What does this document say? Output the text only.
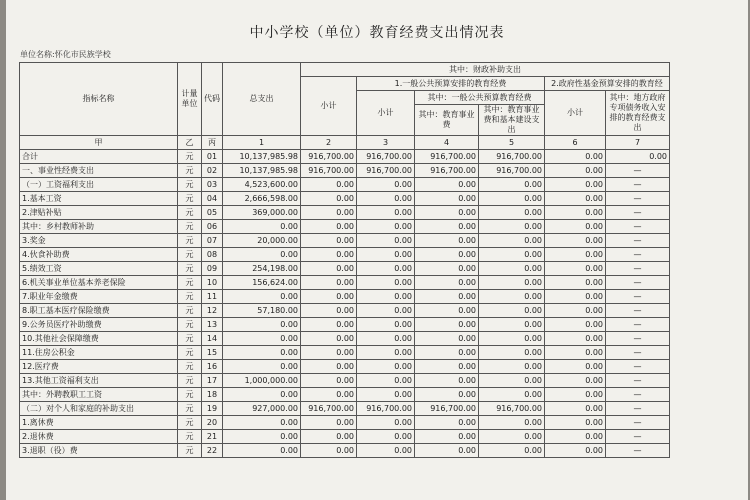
中小学校（单位）教育经费支出情况表
单位名称:怀化市民族学校
指标名称	计量单位	代码	总支出	其中：财政补助支出					
				小计	1.一般公共预算安排的教育经费			2.政府性基金预算安排的教育经	
					小计	其中：一般公共预算教育经费		小计	其中：地方政府专项债务收入安排的教育经费支出
						其中：教育事业费	其中：教育事业费和基本建设支出		
甲	乙	丙	1	2	3	4	5	6	7
合计	元	01	10,137,985.98	916,700.00	916,700.00	916,700.00	916,700.00	0.00	0.00
一、事业性经费支出	元	02	10,137,985.98	916,700.00	916,700.00	916,700.00	916,700.00	0.00	—
（一）工资福利支出	元	03	4,523,600.00	0.00	0.00	0.00	0.00	0.00	—
1.基本工资	元	04	2,666,598.00	0.00	0.00	0.00	0.00	0.00	—
2.津贴补贴	元	05	369,000.00	0.00	0.00	0.00	0.00	0.00	—
其中：乡村教师补助	元	06	0.00	0.00	0.00	0.00	0.00	0.00	—
3.奖金	元	07	20,000.00	0.00	0.00	0.00	0.00	0.00	—
4.伙食补助费	元	08	0.00	0.00	0.00	0.00	0.00	0.00	—
5.绩效工资	元	09	254,198.00	0.00	0.00	0.00	0.00	0.00	—
6.机关事业单位基本养老保险	元	10	156,624.00	0.00	0.00	0.00	0.00	0.00	—
7.职业年金缴费	元	11	0.00	0.00	0.00	0.00	0.00	0.00	—
8.职工基本医疗保险缴费	元	12	57,180.00	0.00	0.00	0.00	0.00	0.00	—
9.公务员医疗补助缴费	元	13	0.00	0.00	0.00	0.00	0.00	0.00	—
10.其他社会保障缴费	元	14	0.00	0.00	0.00	0.00	0.00	0.00	—
11.住房公积金	元	15	0.00	0.00	0.00	0.00	0.00	0.00	—
12.医疗费	元	16	0.00	0.00	0.00	0.00	0.00	0.00	—
13.其他工资福利支出	元	17	1,000,000.00	0.00	0.00	0.00	0.00	0.00	—
其中：外聘教职工工资	元	18	0.00	0.00	0.00	0.00	0.00	0.00	—
（二）对个人和家庭的补助支出	元	19	927,000.00	916,700.00	916,700.00	916,700.00	916,700.00	0.00	—
1.离休费	元	20	0.00	0.00	0.00	0.00	0.00	0.00	—
2.退休费	元	21	0.00	0.00	0.00	0.00	0.00	0.00	—
3.退职（役）费	元	22	0.00	0.00	0.00	0.00	0.00	0.00	—
